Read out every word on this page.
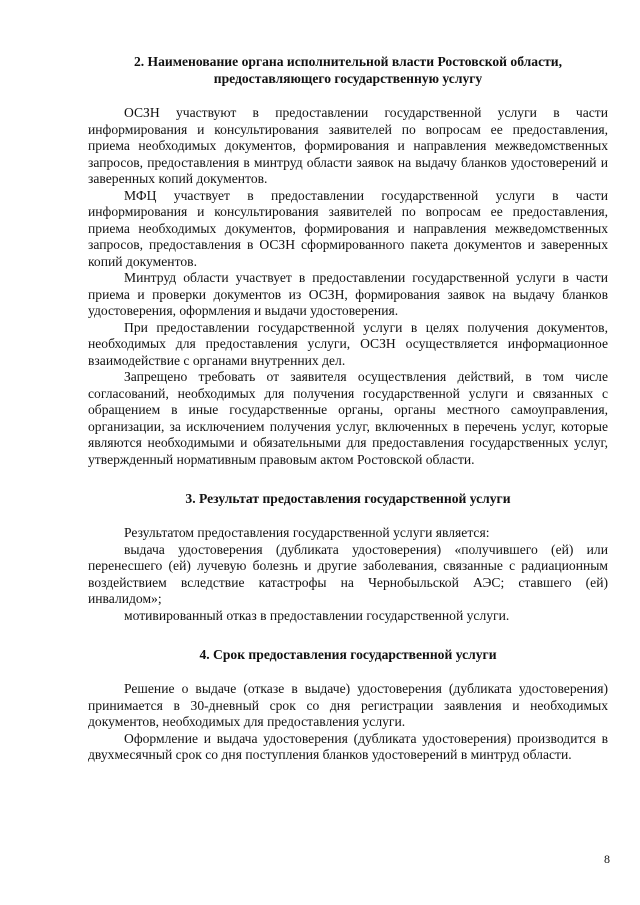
2. Наименование органа исполнительной власти Ростовской области,
предоставляющего государственную услугу

ОСЗН участвуют в предоставлении государственной услуги в части информирования и консультирования заявителей по вопросам ее предоставления, приема необходимых документов, формирования и направления межведомственных запросов, предоставления в минтруд области заявок на выдачу бланков удостоверений и заверенных копий документов.

МФЦ участвует в предоставлении государственной услуги в части информирования и консультирования заявителей по вопросам ее предоставления, приема необходимых документов, формирования и направления межведомственных запросов, предоставления в ОСЗН сформированного пакета документов и заверенных копий документов.

Минтруд области участвует в предоставлении государственной услуги в части приема и проверки документов из ОСЗН, формирования заявок на выдачу бланков удостоверения, оформления и выдачи удостоверения.

При предоставлении государственной услуги в целях получения документов, необходимых для предоставления услуги, ОСЗН осуществляется информационное взаимодействие с органами внутренних дел.

Запрещено требовать от заявителя осуществления действий, в том числе согласований, необходимых для получения государственной услуги и связанных с обращением в иные государственные органы, органы местного самоуправления, организации, за исключением получения услуг, включенных в перечень услуг, которые являются необходимыми и обязательными для предоставления государственных услуг, утвержденный нормативным правовым актом Ростовской области.

3. Результат предоставления государственной услуги

Результатом предоставления государственной услуги является:

выдача удостоверения (дубликата удостоверения) «получившего (ей) или перенесшего (ей) лучевую болезнь и другие заболевания, связанные с радиационным воздействием вследствие катастрофы на Чернобыльской АЭС; ставшего (ей) инвалидом»;

мотивированный отказ в предоставлении государственной услуги.

4. Срок предоставления государственной услуги

Решение о выдаче (отказе в выдаче) удостоверения (дубликата удостоверения) принимается в 30-дневный срок со дня регистрации заявления и необходимых документов, необходимых для предоставления услуги.

Оформление и выдача удостоверения (дубликата удостоверения) производится в двухмесячный срок со дня поступления бланков удостоверений в минтруд области.

8
